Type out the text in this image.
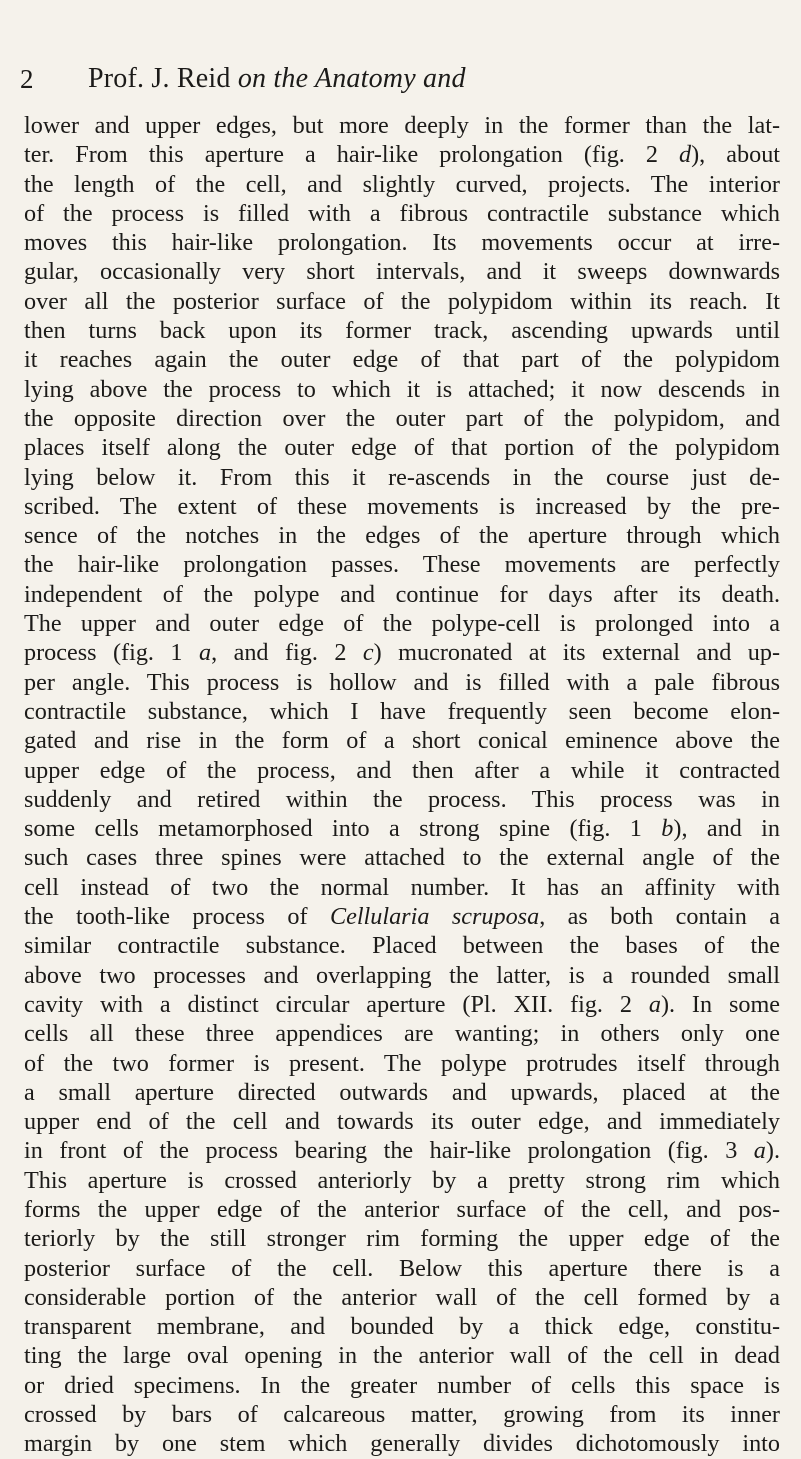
2 Prof. J. Reid on the Anatomy and
lower and upper edges, but more deeply in the former than the lat-
ter. From this aperture a hair-like prolongation (fig. 2 d), about
the length of the cell, and slightly curved, projects. The interior
of the process is filled with a fibrous contractile substance which
moves this hair-like prolongation. Its movements occur at irre-
gular, occasionally very short intervals, and it sweeps downwards
over all the posterior surface of the polypidom within its reach. It
then turns back upon its former track, ascending upwards until
it reaches again the outer edge of that part of the polypidom
lying above the process to which it is attached; it now descends in
the opposite direction over the outer part of the polypidom, and
places itself along the outer edge of that portion of the polypidom
lying below it. From this it re-ascends in the course just de-
scribed. The extent of these movements is increased by the pre-
sence of the notches in the edges of the aperture through which
the hair-like prolongation passes. These movements are perfectly
independent of the polype and continue for days after its death.
The upper and outer edge of the polype-cell is prolonged into a
process (fig. 1 a, and fig. 2 c) mucronated at its external and up-
per angle. This process is hollow and is filled with a pale fibrous
contractile substance, which I have frequently seen become elon-
gated and rise in the form of a short conical eminence above the
upper edge of the process, and then after a while it contracted
suddenly and retired within the process. This process was in
some cells metamorphosed into a strong spine (fig. 1 b), and in
such cases three spines were attached to the external angle of the
cell instead of two the normal number. It has an affinity with
the tooth-like process of Cellularia scruposa, as both contain a
similar contractile substance. Placed between the bases of the
above two processes and overlapping the latter, is a rounded small
cavity with a distinct circular aperture (Pl. XII. fig. 2 a). In some
cells all these three appendices are wanting; in others only one
of the two former is present. The polype protrudes itself through
a small aperture directed outwards and upwards, placed at the
upper end of the cell and towards its outer edge, and immediately
in front of the process bearing the hair-like prolongation (fig. 3 a).
This aperture is crossed anteriorly by a pretty strong rim which
forms the upper edge of the anterior surface of the cell, and pos-
teriorly by the still stronger rim forming the upper edge of the
posterior surface of the cell. Below this aperture there is a
considerable portion of the anterior wall of the cell formed by a
transparent membrane, and bounded by a thick edge, constitu-
ting the large oval opening in the anterior wall of the cell in dead
or dried specimens. In the greater number of cells this space is
crossed by bars of calcareous matter, growing from its inner
margin by one stem which generally divides dichotomously into
